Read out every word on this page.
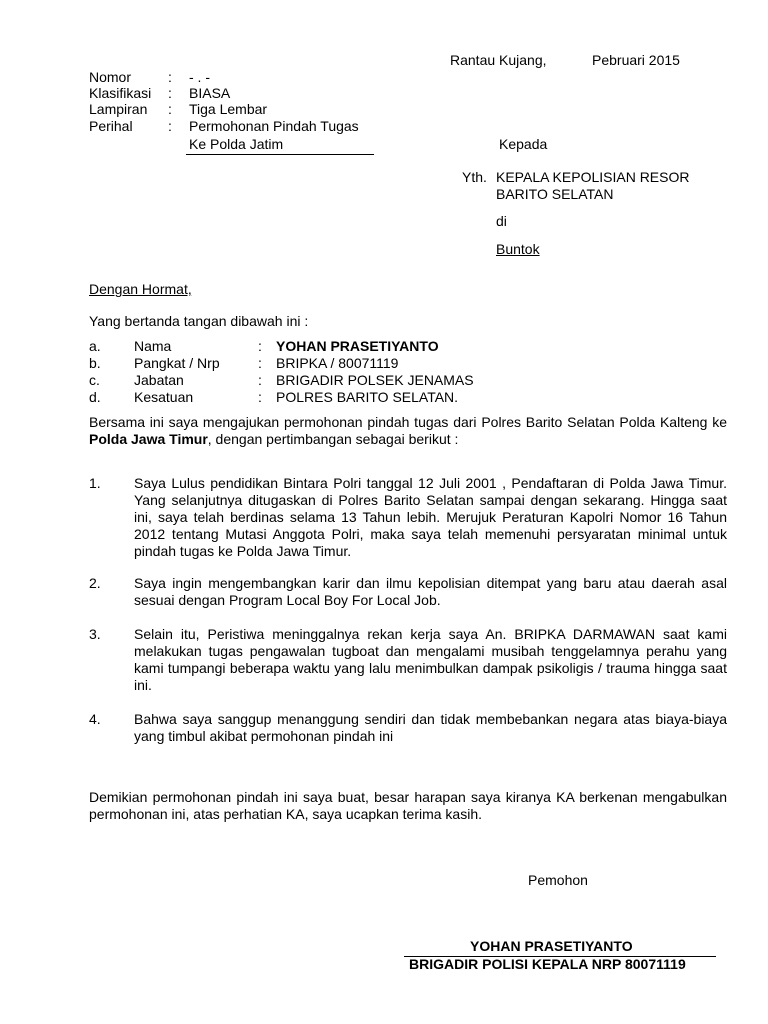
Rantau Kujang,	Pebruari 2015
Nomor	: - . -
Klasifikasi : BIASA
Lampiran : Tiga Lembar
Perihal	: Permohonan Pindah Tugas
Ke Polda Jatim	Kepada
Yth. KEPALA KEPOLISIAN RESOR
BARITO SELATAN
di
Buntok
Dengan Hormat,
Yang bertanda tangan dibawah ini :
a. Nama	: YOHAN PRASETIYANTO
b. Pangkat / Nrp	: BRIPKA / 80071119
c. Jabatan	: BRIGADIR POLSEK JENAMAS
d. Kesatuan	: POLRES BARITO SELATAN.
Bersama ini saya mengajukan permohonan pindah tugas dari Polres Barito Selatan Polda Kalteng ke Polda Jawa Timur, dengan pertimbangan sebagai berikut :
1. Saya Lulus pendidikan Bintara Polri tanggal 12 Juli 2001 , Pendaftaran di Polda Jawa Timur. Yang selanjutnya ditugaskan di Polres Barito Selatan sampai dengan sekarang. Hingga saat ini, saya telah berdinas selama 13 Tahun lebih. Merujuk Peraturan Kapolri Nomor 16 Tahun 2012 tentang Mutasi Anggota Polri, maka saya telah memenuhi persyaratan minimal untuk pindah tugas ke Polda Jawa Timur.
2. Saya ingin mengembangkan karir dan ilmu kepolisian ditempat yang baru atau daerah asal sesuai dengan Program Local Boy For Local Job.
3. Selain itu, Peristiwa meninggalnya rekan kerja saya An. BRIPKA DARMAWAN saat kami melakukan tugas pengawalan tugboat dan mengalami musibah tenggelamnya perahu yang kami tumpangi beberapa waktu yang lalu menimbulkan dampak psikoligis / trauma hingga saat ini.
4. Bahwa saya sanggup menanggung sendiri dan tidak membebankan negara atas biaya-biaya yang timbul akibat permohonan pindah ini
Demikian permohonan pindah ini saya buat, besar harapan saya kiranya KA berkenan mengabulkan permohonan ini, atas perhatian KA, saya ucapkan terima kasih.
Pemohon
YOHAN PRASETIYANTO
BRIGADIR POLISI KEPALA NRP 80071119
